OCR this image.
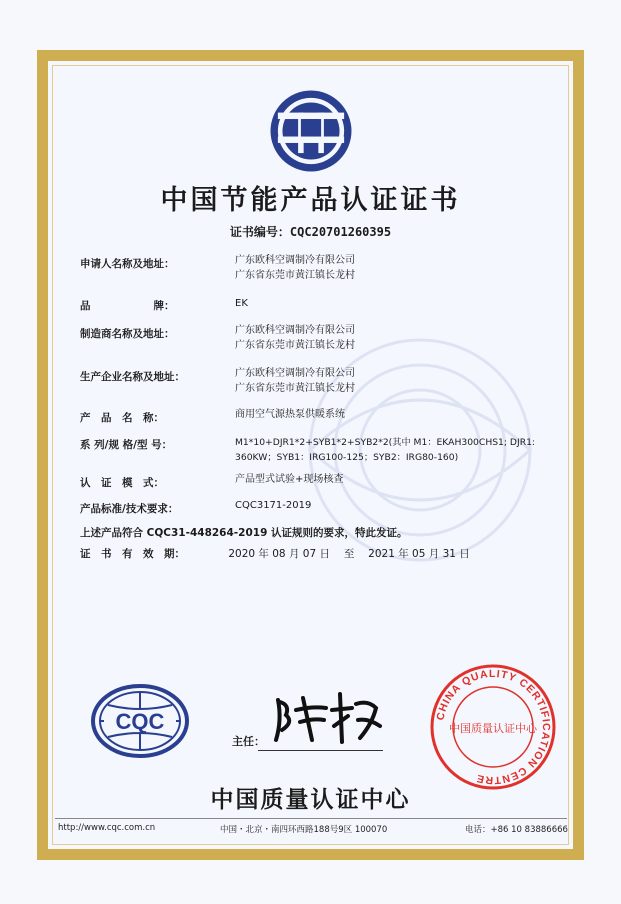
中国节能产品认证证书
证书编号：CQC20701260395
申请人名称及地址：	广东欧科空调制冷有限公司
广东省东莞市黄江镇长龙村
品　　　　　　牌：	EK
制造商名称及地址：	广东欧科空调制冷有限公司
广东省东莞市黄江镇长龙村
生产企业名称及地址：	广东欧科空调制冷有限公司
广东省东莞市黄江镇长龙村
产　品　名　称：	商用空气源热泵供暖系统
系 列/规 格/型 号：	M1*10+DJR1*2+SYB1*2+SYB2*2(其中 M1：EKAH300CHS1; DJR1:
360KW；SYB1：IRG100-125；SYB2：IRG80-160)
认　证　模　式：	产品型式试验+现场核查
产品标准/技术要求：	CQC3171-2019
上述产品符合 CQC31-448264-2019 认证规则的要求，特此发证。
证　书　有　效　期：	2020 年 08 月 07 日　 至　 2021 年 05 月 31 日
CQC
主任：
CHINA QUALITY CERTIFICATION CENTRE
中国质量认证中心
中国质量认证中心
http://www.cqc.com.cn	中国・北京・南四环西路188号9区 100070	电话：+86 10 83886666
